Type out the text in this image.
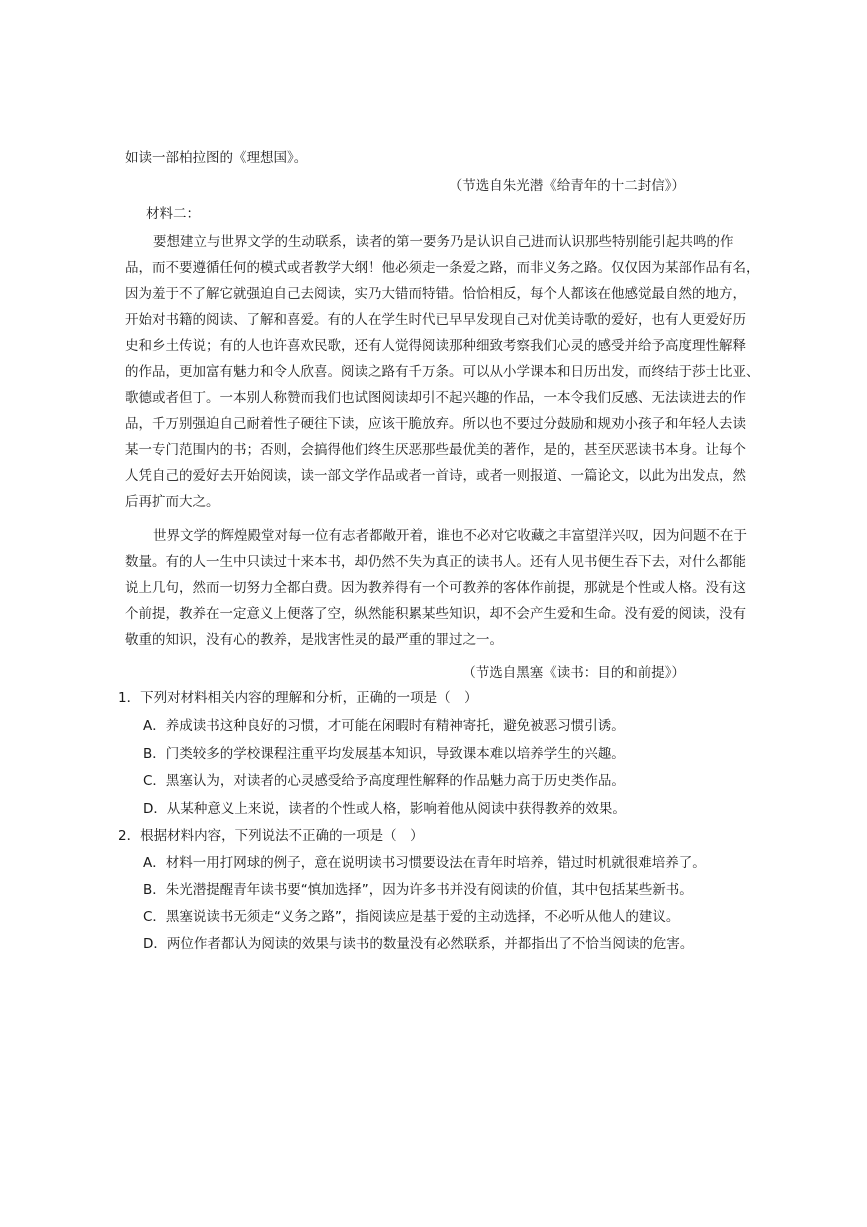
如读一部柏拉图的《理想国》。
（节选自朱光潜《给青年的十二封信》）
材料二：
要想建立与世界文学的生动联系，读者的第一要务乃是认识自己进而认识那些特别能引起共鸣的作
品，而不要遵循任何的模式或者教学大纲！他必须走一条爱之路，而非义务之路。仅仅因为某部作品有名，
因为羞于不了解它就强迫自己去阅读，实乃大错而特错。恰恰相反，每个人都该在他感觉最自然的地方，
开始对书籍的阅读、了解和喜爱。有的人在学生时代已早早发现自己对优美诗歌的爱好，也有人更爱好历
史和乡土传说；有的人也许喜欢民歌，还有人觉得阅读那种细致考察我们心灵的感受并给予高度理性解释
的作品，更加富有魅力和令人欣喜。阅读之路有千万条。可以从小学课本和日历出发，而终结于莎士比亚、
歌德或者但丁。一本别人称赞而我们也试图阅读却引不起兴趣的作品，一本令我们反感、无法读进去的作
品，千万别强迫自己耐着性子硬往下读，应该干脆放弃。所以也不要过分鼓励和规劝小孩子和年轻人去读
某一专门范围内的书；否则，会搞得他们终生厌恶那些最优美的著作，是的，甚至厌恶读书本身。让每个
人凭自己的爱好去开始阅读，读一部文学作品或者一首诗，或者一则报道、一篇论文，以此为出发点，然
后再扩而大之。
世界文学的辉煌殿堂对每一位有志者都敞开着，谁也不必对它收藏之丰富望洋兴叹，因为问题不在于
数量。有的人一生中只读过十来本书，却仍然不失为真正的读书人。还有人见书便生吞下去，对什么都能
说上几句，然而一切努力全都白费。因为教养得有一个可教养的客体作前提，那就是个性或人格。没有这
个前提，教养在一定意义上便落了空，纵然能积累某些知识，却不会产生爱和生命。没有爱的阅读，没有
敬重的知识，没有心的教养，是戕害性灵的最严重的罪过之一。
（节选自黑塞《读书：目的和前提》）
1．下列对材料相关内容的理解和分析，正确的一项是（　）
A．养成读书这种良好的习惯，才可能在闲暇时有精神寄托，避免被恶习惯引诱。
B．门类较多的学校课程注重平均发展基本知识，导致课本难以培养学生的兴趣。
C．黑塞认为，对读者的心灵感受给予高度理性解释的作品魅力高于历史类作品。
D．从某种意义上来说，读者的个性或人格，影响着他从阅读中获得教养的效果。
2．根据材料内容，下列说法不正确的一项是（　）
A．材料一用打网球的例子，意在说明读书习惯要设法在青年时培养，错过时机就很难培养了。
B．朱光潜提醒青年读书要“慎加选择”，因为许多书并没有阅读的价值，其中包括某些新书。
C．黑塞说读书无须走“义务之路”，指阅读应是基于爱的主动选择，不必听从他人的建议。
D．两位作者都认为阅读的效果与读书的数量没有必然联系，并都指出了不恰当阅读的危害。
